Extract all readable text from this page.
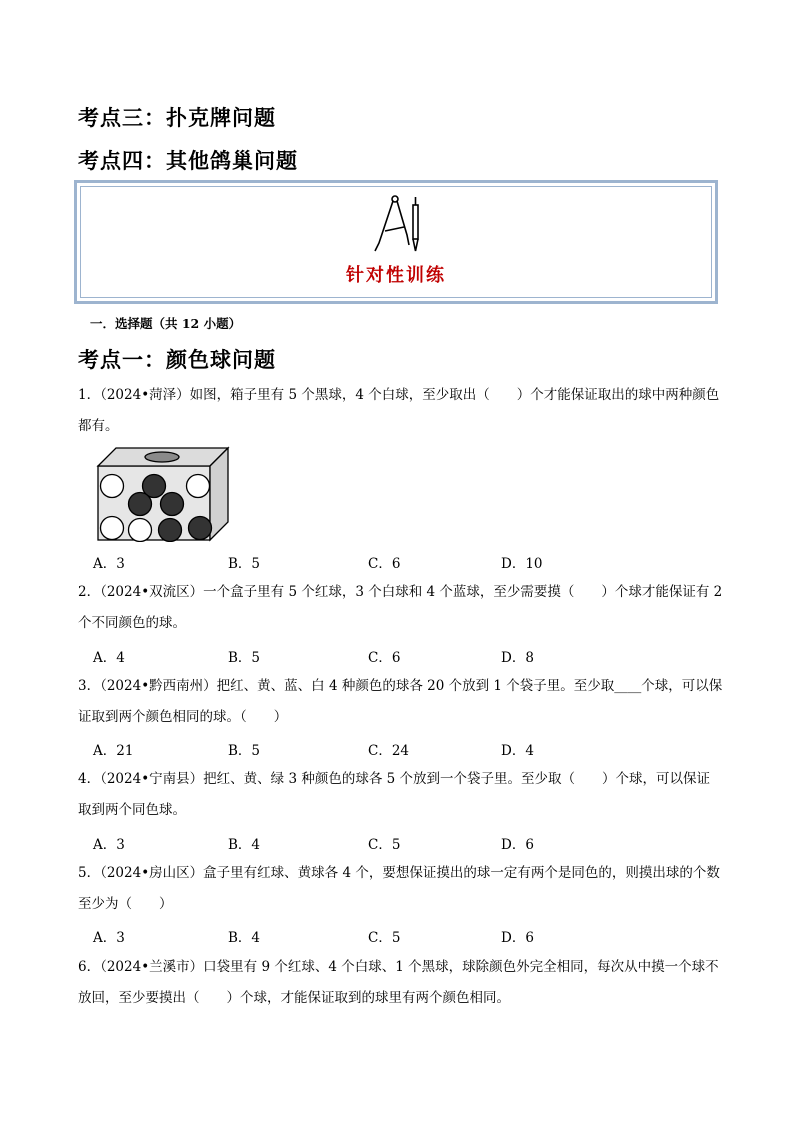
考点三：扑克牌问题
考点四：其他鸽巢问题
针对性训练
一．选择题（共 12 小题）
考点一：颜色球问题
1．（2024•菏泽）如图，箱子里有 5 个黑球，4 个白球，至少取出（　　）个才能保证取出的球中两种颜色都有。
A．3	B．5	C．6	D．10
2．（2024•双流区）一个盒子里有 5 个红球，3 个白球和 4 个蓝球，至少需要摸（　　）个球才能保证有 2 个不同颜色的球。
A．4	B．5	C．6	D．8
3．（2024•黔西南州）把红、黄、蓝、白 4 种颜色的球各 20 个放到 1 个袋子里。至少取____个球，可以保证取到两个颜色相同的球。（　　）
A．21	B．5	C．24	D．4
4．（2024•宁南县）把红、黄、绿 3 种颜色的球各 5 个放到一个袋子里。至少取（　　）个球，可以保证取到两个同色球。
A．3	B．4	C．5	D．6
5．（2024•房山区）盒子里有红球、黄球各 4 个，要想保证摸出的球一定有两个是同色的，则摸出球的个数至少为（　　）
A．3	B．4	C．5	D．6
6．（2024•兰溪市）口袋里有 9 个红球、4 个白球、1 个黑球，球除颜色外完全相同，每次从中摸一个球不放回，至少要摸出（　　）个球，才能保证取到的球里有两个颜色相同。
